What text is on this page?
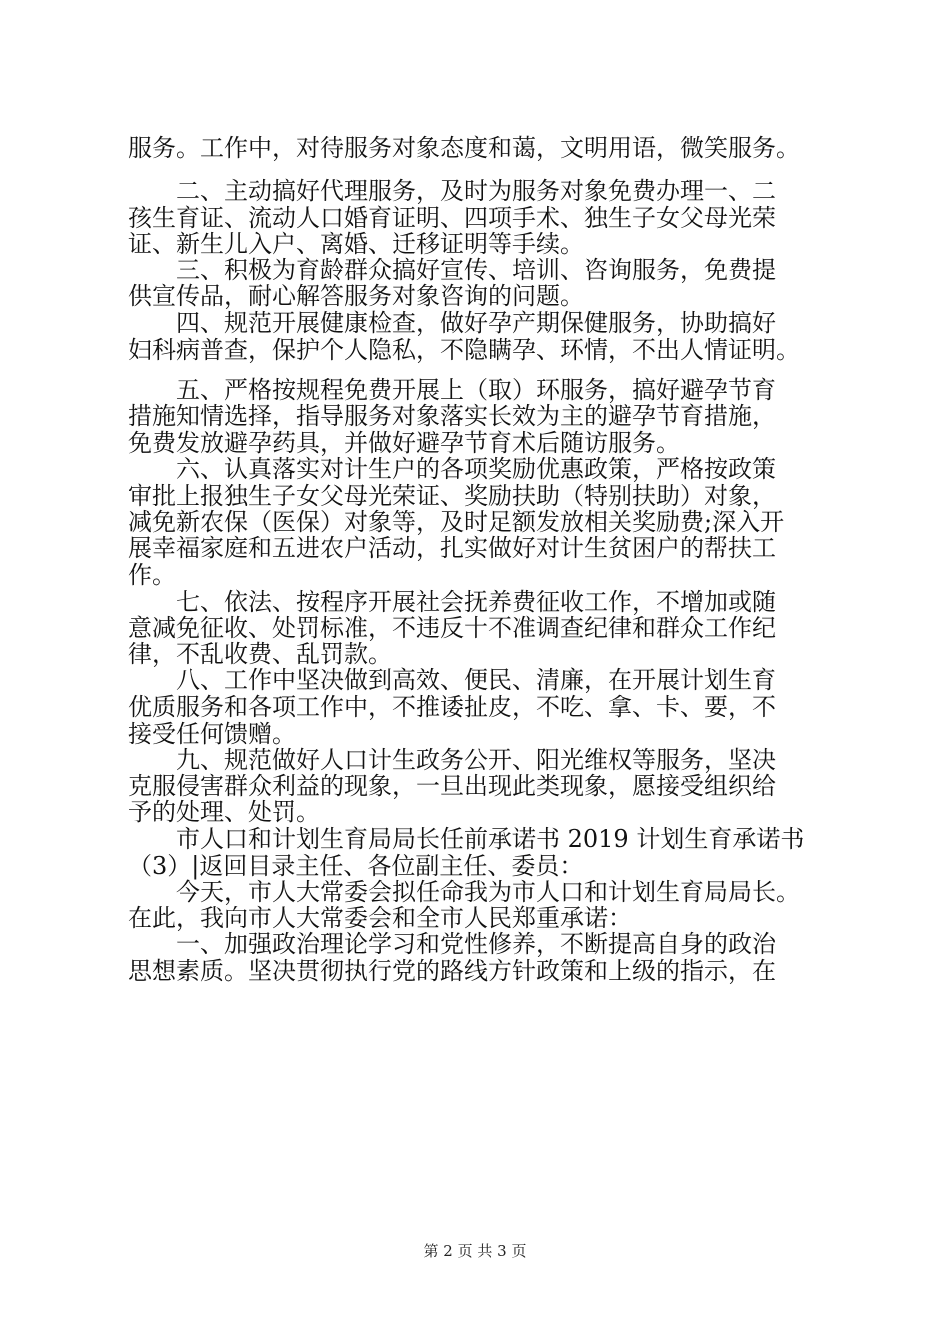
服务。工作中，对待服务对象态度和蔼，文明用语，微笑服务。
二、主动搞好代理服务，及时为服务对象免费办理一、二
孩生育证、流动人口婚育证明、四项手术、独生子女父母光荣
证、新生儿入户、离婚、迁移证明等手续。
三、积极为育龄群众搞好宣传、培训、咨询服务，免费提
供宣传品，耐心解答服务对象咨询的问题。
四、规范开展健康检查，做好孕产期保健服务，协助搞好
妇科病普查，保护个人隐私，不隐瞒孕、环情，不出人情证明。
五、严格按规程免费开展上（取）环服务，搞好避孕节育
措施知情选择，指导服务对象落实长效为主的避孕节育措施，
免费发放避孕药具，并做好避孕节育术后随访服务。
六、认真落实对计生户的各项奖励优惠政策，严格按政策
审批上报独生子女父母光荣证、奖励扶助（特别扶助）对象，
减免新农保（医保）对象等，及时足额发放相关奖励费;深入开
展幸福家庭和五进农户活动，扎实做好对计生贫困户的帮扶工
作。
七、依法、按程序开展社会抚养费征收工作，不增加或随
意减免征收、处罚标准，不违反十不准调查纪律和群众工作纪
律，不乱收费、乱罚款。
八、工作中坚决做到高效、便民、清廉，在开展计划生育
优质服务和各项工作中，不推诿扯皮，不吃、拿、卡、要，不
接受任何馈赠。
九、规范做好人口计生政务公开、阳光维权等服务，坚决
克服侵害群众利益的现象，一旦出现此类现象，愿接受组织给
予的处理、处罚。
市人口和计划生育局局长任前承诺书 2019 计划生育承诺书
（3）|返回目录主任、各位副主任、委员：
今天，市人大常委会拟任命我为市人口和计划生育局局长。
在此，我向市人大常委会和全市人民郑重承诺：
一、加强政治理论学习和党性修养，不断提高自身的政治
思想素质。坚决贯彻执行党的路线方针政策和上级的指示，在
第 2 页 共 3 页
